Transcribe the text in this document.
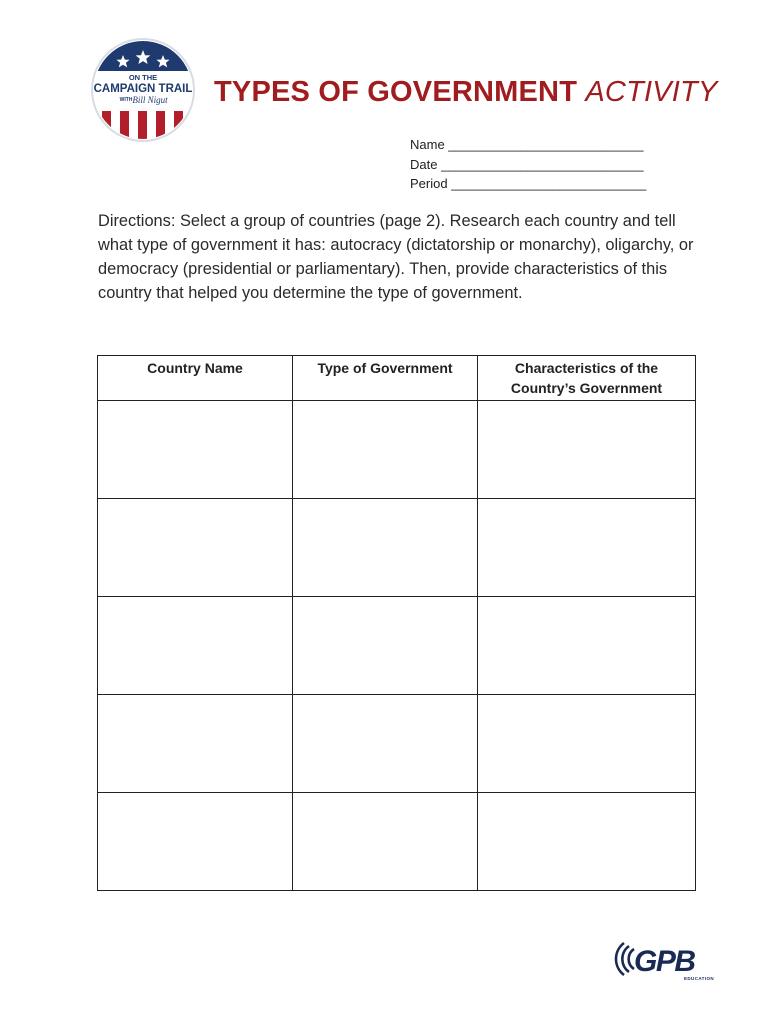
ON THE
CAMPAIGN TRAIL
WITH Bill Nigut TYPES OF GOVERNMENT ACTIVITY
Name ___________________________
Date ____________________________
Period ___________________________
Directions: Select a group of countries (page 2). Research each country and tell what type of government it has: autocracy (dictatorship or monarchy), oligarchy, or democracy (presidential or parliamentary). Then, provide characteristics of this country that helped you determine the type of government.
Country Name	Type of Government	Characteristics of the Country’s Government

GPB
EDUCATION
